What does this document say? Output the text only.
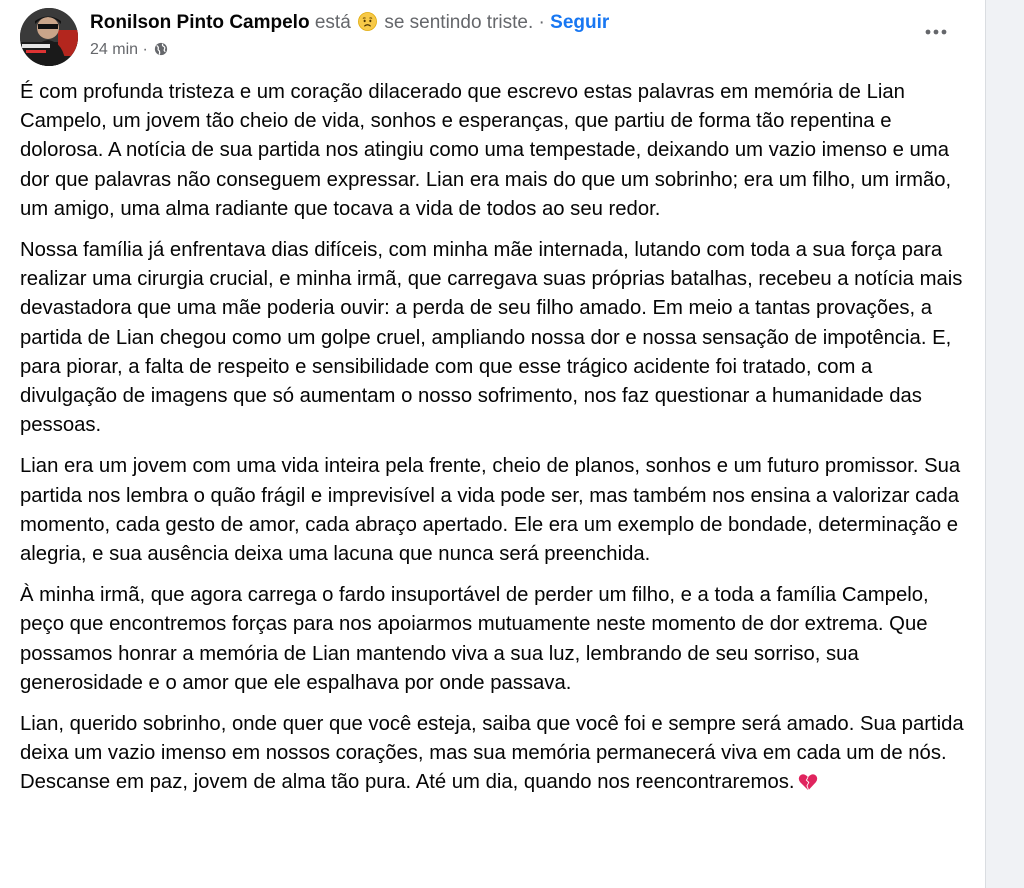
Ronilson Pinto Campelo está se sentindo triste. · Seguir
24 min ·

É com profunda tristeza e um coração dilacerado que escrevo estas palavras em memória de Lian Campelo, um jovem tão cheio de vida, sonhos e esperanças, que partiu de forma tão repentina e dolorosa. A notícia de sua partida nos atingiu como uma tempestade, deixando um vazio imenso e uma dor que palavras não conseguem expressar. Lian era mais do que um sobrinho; era um filho, um irmão, um amigo, uma alma radiante que tocava a vida de todos ao seu redor.

Nossa família já enfrentava dias difíceis, com minha mãe internada, lutando com toda a sua força para realizar uma cirurgia crucial, e minha irmã, que carregava suas próprias batalhas, recebeu a notícia mais devastadora que uma mãe poderia ouvir: a perda de seu filho amado. Em meio a tantas provações, a partida de Lian chegou como um golpe cruel, ampliando nossa dor e nossa sensação de impotência. E, para piorar, a falta de respeito e sensibilidade com que esse trágico acidente foi tratado, com a divulgação de imagens que só aumentam o nosso sofrimento, nos faz questionar a humanidade das pessoas.

Lian era um jovem com uma vida inteira pela frente, cheio de planos, sonhos e um futuro promissor. Sua partida nos lembra o quão frágil e imprevisível a vida pode ser, mas também nos ensina a valorizar cada momento, cada gesto de amor, cada abraço apertado. Ele era um exemplo de bondade, determinação e alegria, e sua ausência deixa uma lacuna que nunca será preenchida.

À minha irmã, que agora carrega o fardo insuportável de perder um filho, e a toda a família Campelo, peço que encontremos forças para nos apoiarmos mutuamente neste momento de dor extrema. Que possamos honrar a memória de Lian mantendo viva a sua luz, lembrando de seu sorriso, sua generosidade e o amor que ele espalhava por onde passava.

Lian, querido sobrinho, onde quer que você esteja, saiba que você foi e sempre será amado. Sua partida deixa um vazio imenso em nossos corações, mas sua memória permanecerá viva em cada um de nós. Descanse em paz, jovem de alma tão pura. Até um dia, quando nos reencontraremos.
